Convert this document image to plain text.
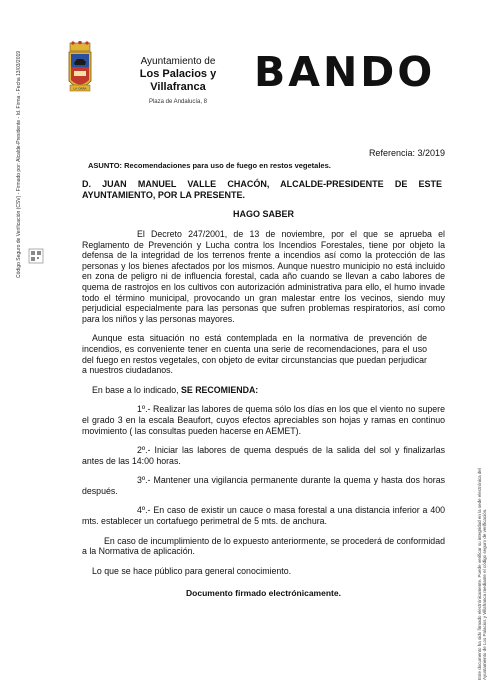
LA OBRA
Ayuntamiento de
Los Palacios y
Villafranca
Plaza de Andalucía, 8
BANDO
Código Seguro de Verificación (CSV) - Firmado por: Alcalde-Presidente - Id. Firma - Fecha 13/03/2019
Este documento ha sido firmado electrónicamente. Puede verificar su integridad en la sede electrónica del Ayuntamiento de Los Palacios y Villafranca mediante el código seguro de verificación.
Referencia: 3/2019
ASUNTO: Recomendaciones para uso de fuego en restos vegetales.
D. JUAN MANUEL VALLE CHACÓN, ALCALDE-PRESIDENTE DE ESTE AYUNTAMIENTO, POR LA PRESENTE.
HAGO SABER

El Decreto 247/2001, de 13 de noviembre, por el que se aprueba el Reglamento de Prevención y Lucha contra los Incendios Forestales, tiene por objeto la defensa de la integridad de los terrenos frente a incendios así como la protección de las personas y los bienes afectados por los mismos. Aunque nuestro municipio no está incluido en zona de peligro ni de influencia forestal, cada año cuando se llevan a cabo labores de quema de rastrojos en los cultivos con autorización administrativa para ello, el humo invade todo el término municipal, provocando un gran malestar entre los vecinos, siendo muy perjudicial especialmente para las personas que sufren problemas respiratorios, así como para los niños y las personas mayores.

Aunque esta situación no está contemplada en la normativa de prevención de incendios, es conveniente tener en cuenta una serie de recomendaciones, para el uso del fuego en restos vegetales, con objeto de evitar circunstancias que puedan perjudicar a nuestros ciudadanos.

En base a lo indicado, SE RECOMIENDA:

1º.- Realizar las labores de quema sólo los días en los que el viento no supere el grado 3 en la escala Beaufort, cuyos efectos apreciables son hojas y ramas en continuo movimiento ( las consultas pueden hacerse en AEMET).

2º.- Iniciar las labores de quema después de la salida del sol y finalizarlas antes de las 14:00 horas.

3º.- Mantener una vigilancia permanente durante la quema y hasta dos horas después.

4º.- En caso de existir un cauce o masa forestal a una distancia inferior a 400 mts. establecer un cortafuego perimetral de 5 mts. de anchura.

En caso de incumplimiento de lo expuesto anteriormente, se procederá de conformidad a la Normativa de aplicación.

Lo que se hace público para general conocimiento.

Documento firmado electrónicamente.
